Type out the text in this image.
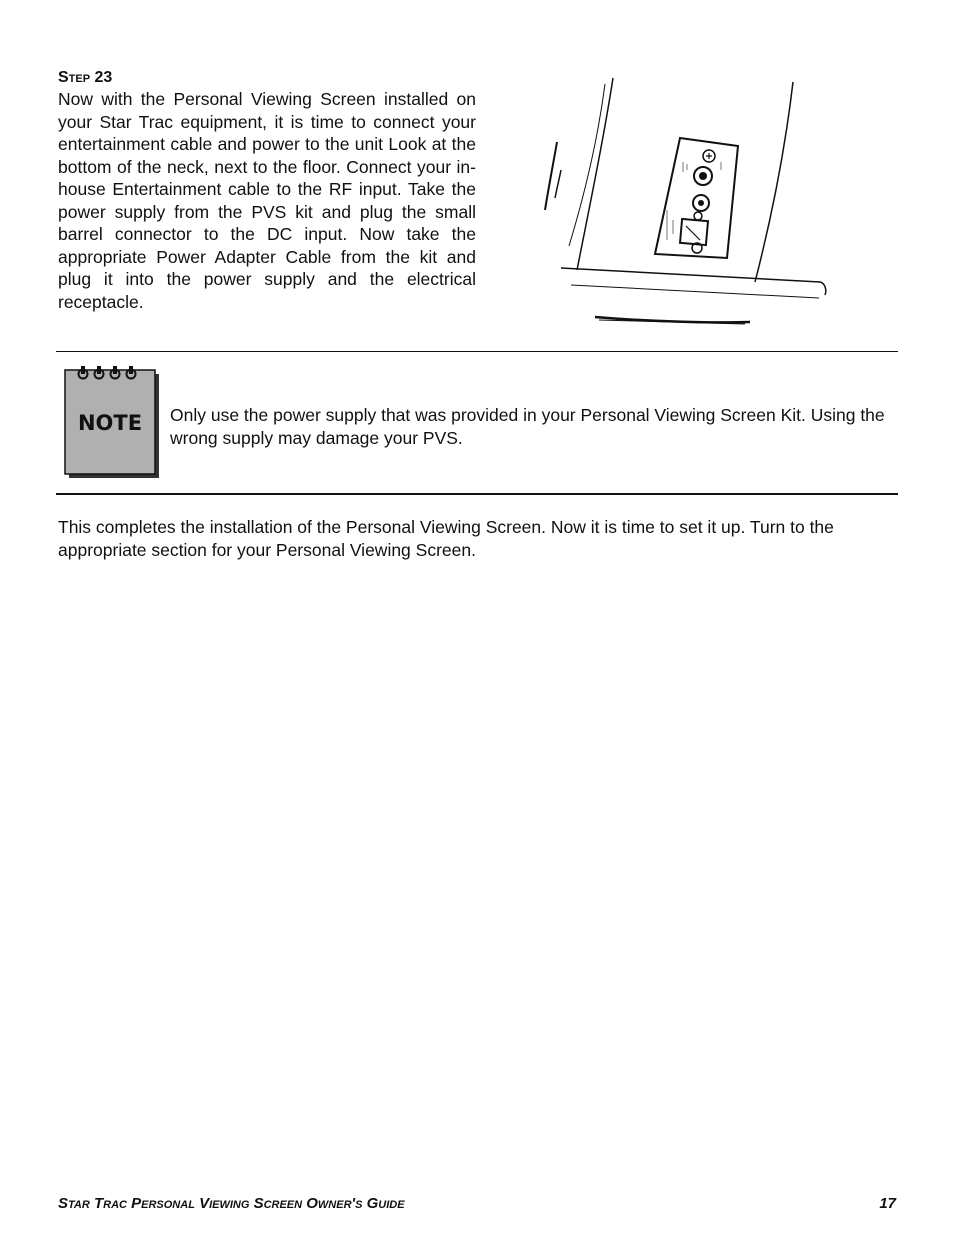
Step 23

Now with the Personal Viewing Screen installed on your Star Trac equipment, it is time to connect your entertainment cable and power to the unit Look at the bottom of the neck, next to the floor. Connect your in-house Entertainment cable to the RF input. Take the power supply from the PVS kit and plug the small barrel connector to the DC input. Now take the appropriate Power Adapter Cable from the kit and plug it into the power supply and the electrical receptacle.

NOTE Only use the power supply that was provided in your Personal Viewing Screen Kit. Using the wrong supply may damage your PVS.

This completes the installation of the Personal Viewing Screen. Now it is time to set it up. Turn to the appropriate section for your Personal Viewing Screen.

Star Trac Personal Viewing Screen Owner's Guide	17
